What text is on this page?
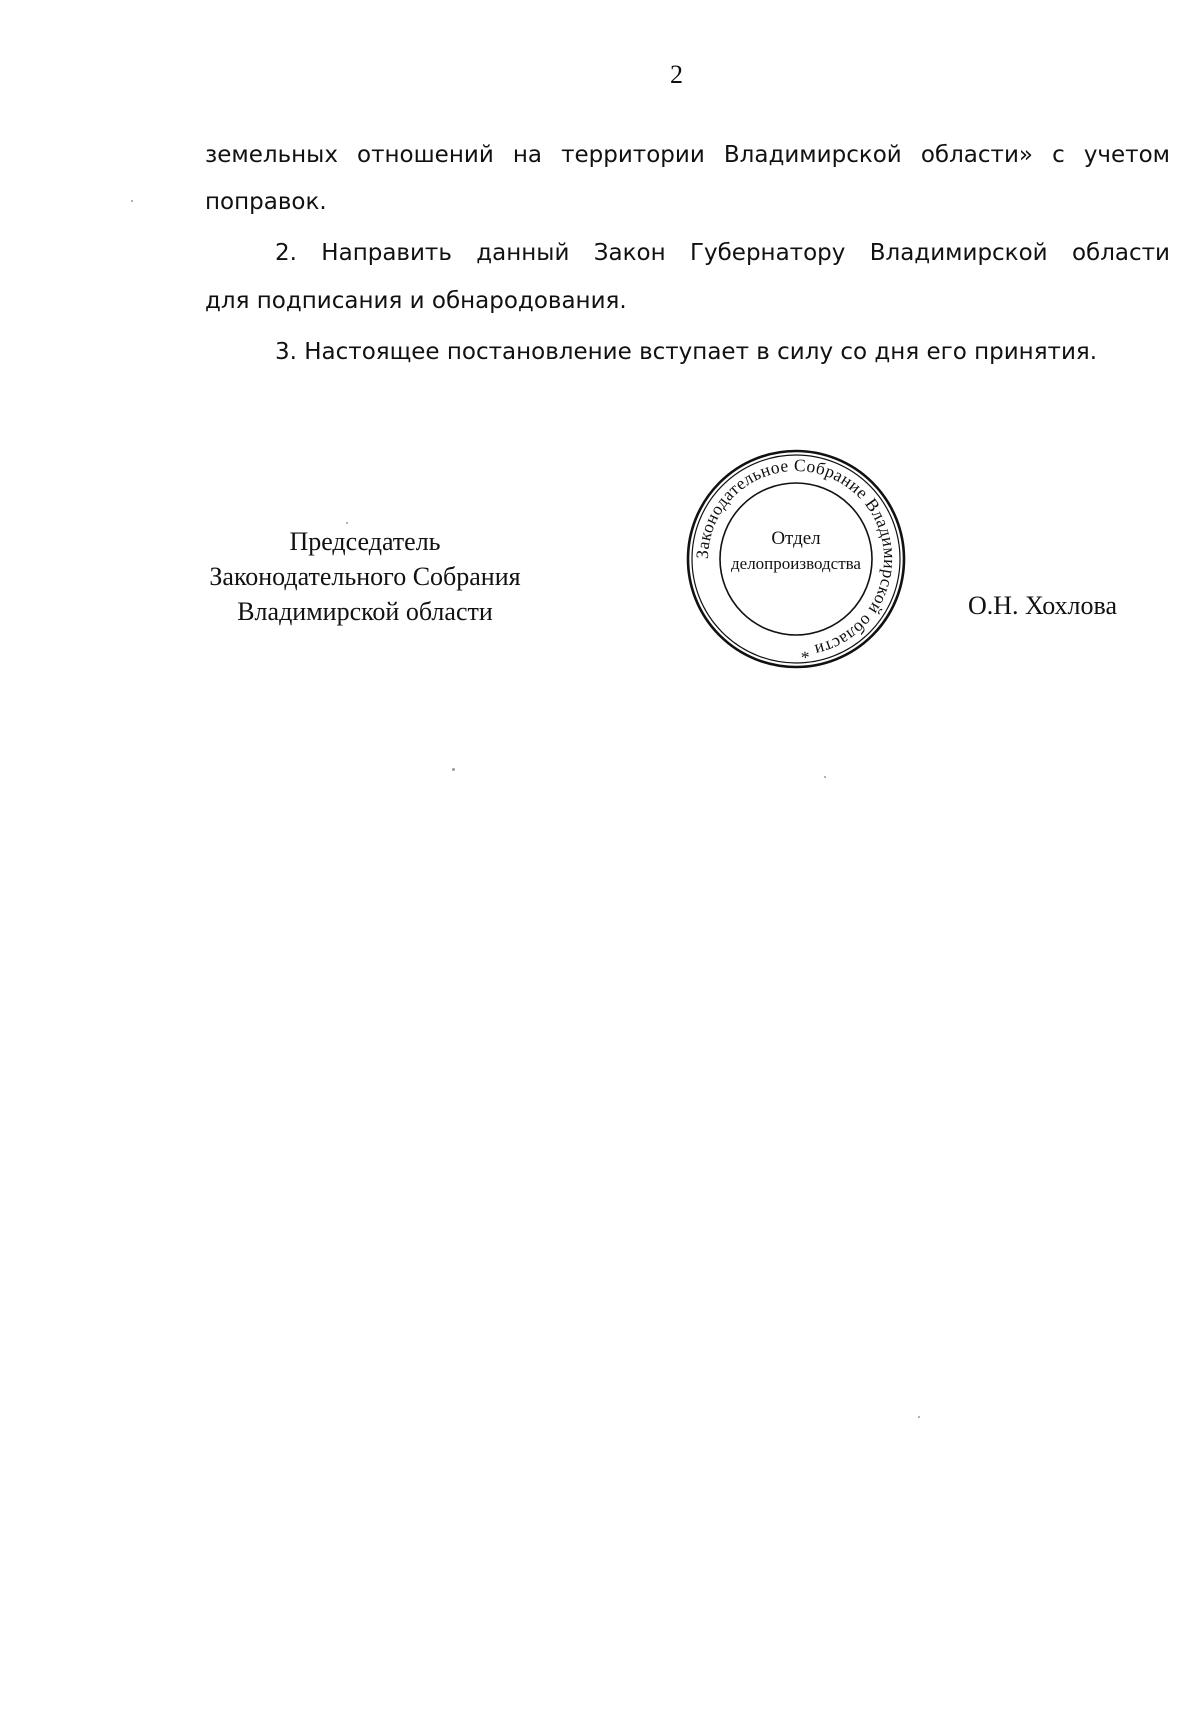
2
земельных отношений на территории Владимирской области» с учетом
поправок.
2. Направить данный Закон Губернатору Владимирской области
для подписания и обнародования.
3. Настоящее постановление вступает в силу со дня его принятия.
Председатель
Законодательного Собрания
Владимирской области
Законодательное Собрание Владимирской области *
Отдел
делопроизводства
О.Н. Хохлова
